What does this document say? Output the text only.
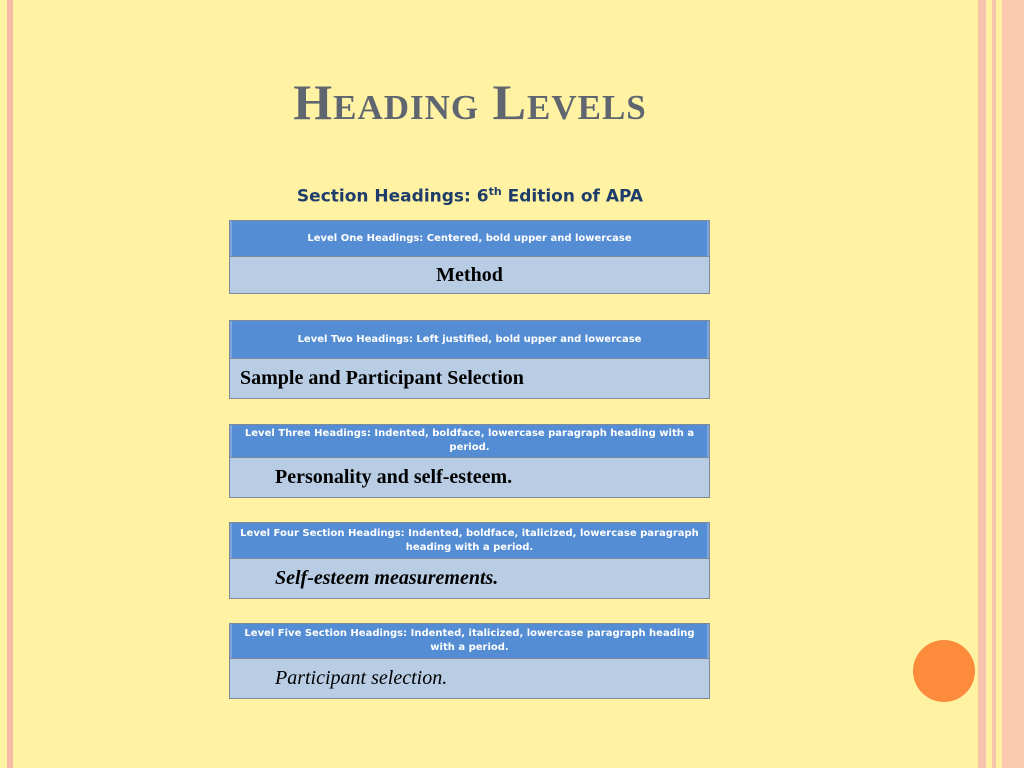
Heading Levels
Section Headings: 6th Edition of APA
Level One Headings: Centered, bold upper and lowercase
Method
Level Two Headings: Left justified, bold upper and lowercase
Sample and Participant Selection
Level Three Headings: Indented, boldface, lowercase paragraph heading with a period.
Personality and self-esteem.
Level Four Section Headings: Indented, boldface, italicized, lowercase paragraph heading with a period.
Self-esteem measurements.
Level Five Section Headings: Indented, italicized, lowercase paragraph heading with a period.
Participant selection.
